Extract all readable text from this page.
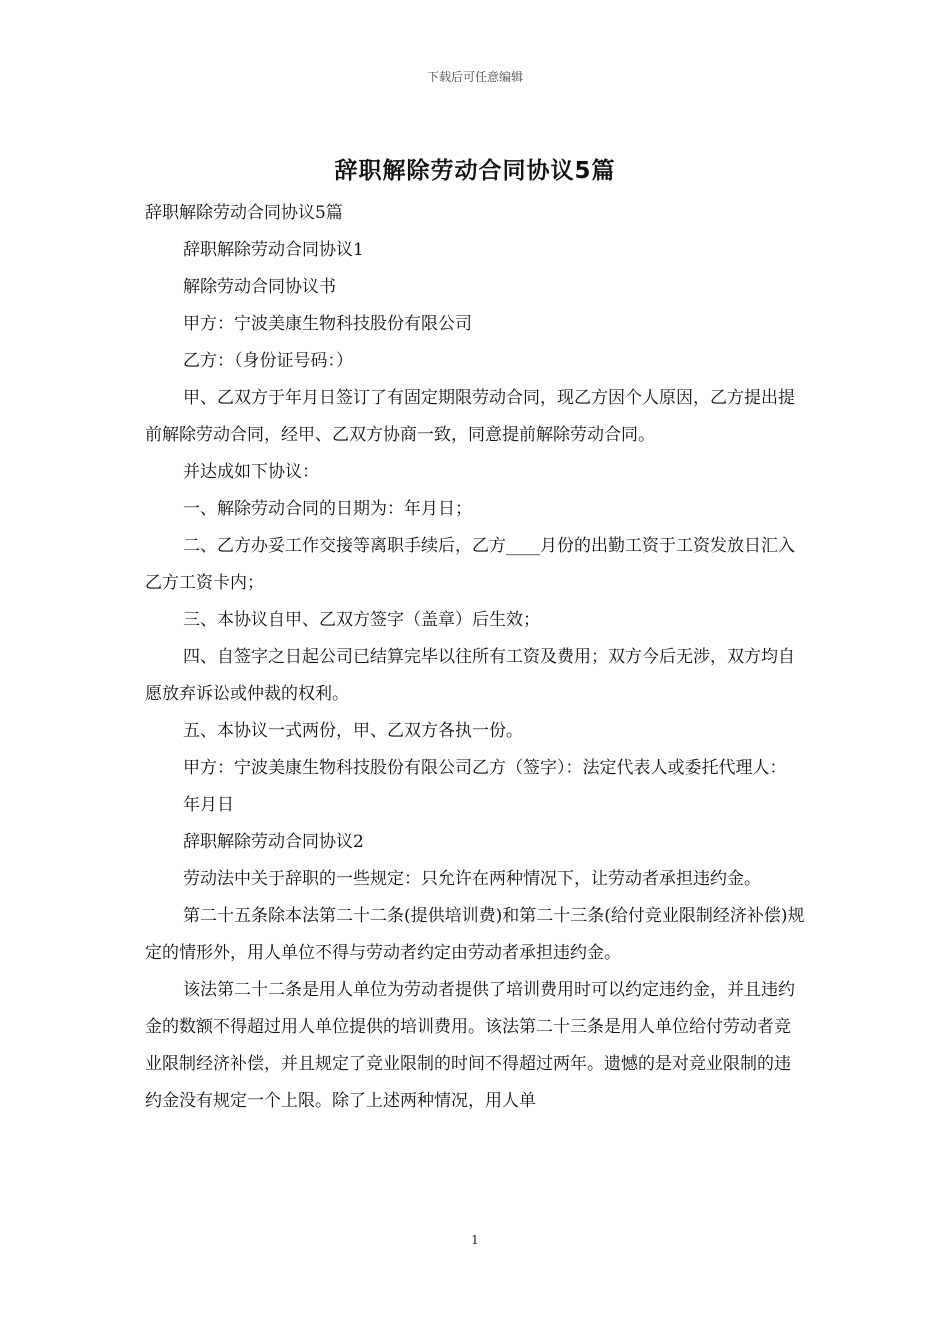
下载后可任意编辑
辞职解除劳动合同协议5篇

辞职解除劳动合同协议5篇

辞职解除劳动合同协议1

解除劳动合同协议书

甲方：宁波美康生物科技股份有限公司

乙方：（身份证号码：）

甲、乙双方于年月日签订了有固定期限劳动合同，现乙方因个人原因，乙方提出提前解除劳动合同，经甲、乙双方协商一致，同意提前解除劳动合同。

并达成如下协议：

一、解除劳动合同的日期为：年月日；

二、乙方办妥工作交接等离职手续后，乙方____月份的出勤工资于工资发放日汇入乙方工资卡内；

三、本协议自甲、乙双方签字（盖章）后生效；

四、自签字之日起公司已结算完毕以往所有工资及费用；双方今后无涉，双方均自愿放弃诉讼或仲裁的权利。

五、本协议一式两份，甲、乙双方各执一份。

甲方：宁波美康生物科技股份有限公司乙方（签字）：法定代表人或委托代理人：

年月日

辞职解除劳动合同协议2

劳动法中关于辞职的一些规定：只允许在两种情况下，让劳动者承担违约金。

第二十五条除本法第二十二条(提供培训费)和第二十三条(给付竞业限制经济补偿)规定的情形外，用人单位不得与劳动者约定由劳动者承担违约金。

该法第二十二条是用人单位为劳动者提供了培训费用时可以约定违约金，并且违约金的数额不得超过用人单位提供的培训费用。该法第二十三条是用人单位给付劳动者竞业限制经济补偿，并且规定了竞业限制的时间不得超过两年。遗憾的是对竞业限制的违约金没有规定一个上限。除了上述两种情况，用人单

1
